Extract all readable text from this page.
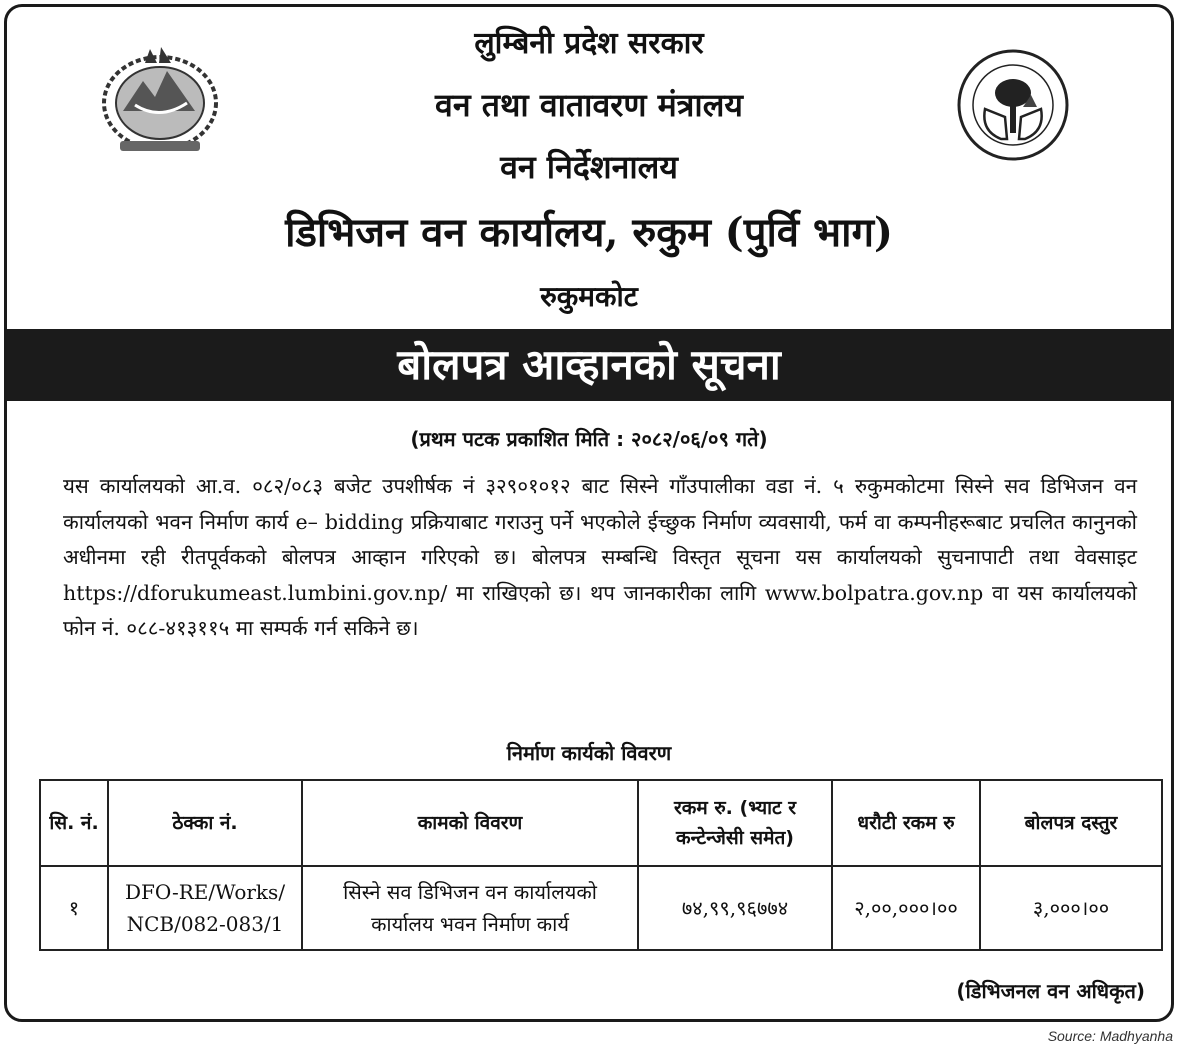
लुम्बिनी प्रदेश सरकार
वन तथा वातावरण मंत्रालय
वन निर्देशनालय
डिभिजन वन कार्यालय, रुकुम (पुर्वि भाग)
रुकुमकोट
बोलपत्र आव्हानको सूचना
(प्रथम पटक प्रकाशित मिति : २०८२/०६/०९ गते)
यस कार्यालयको आ.व. ०८२/०८३ बजेट उपशीर्षक नं ३२९०१०१२ बाट सिस्ने गाँउपालीका वडा नं. ५ रुकुमकोटमा सिस्ने सव डिभिजन वन कार्यालयको भवन निर्माण कार्य e– bidding प्रक्रियाबाट गराउनु पर्ने भएकोले ईच्छुक निर्माण व्यवसायी, फर्म वा कम्पनीहरूबाट प्रचलित कानुनको अधीनमा रही रीतपूर्वकको बोलपत्र आव्हान गरिएको छ। बोलपत्र सम्बन्धि विस्तृत सूचना यस कार्यालयको सुचनापाटी तथा वेवसाइट https://dforukumeast.lumbini.gov.np/ मा राखिएको छ। थप जानकारीका लागि www.bolpatra.gov.np वा यस कार्यालयको फोन नं. ०८८-४१३११५ मा सम्पर्क गर्न सकिने छ।
निर्माण कार्यको विवरण
सि. नं.	ठेक्का नं.	कामको विवरण	रकम रु. (भ्याट र कन्टेन्जेसी समेत)	धरौटी रकम रु	बोलपत्र दस्तुर
१	DFO-RE/Works/ NCB/082-083/1	सिस्ने सव डिभिजन वन कार्यालयको कार्यालय भवन निर्माण कार्य	७४,९९,९६७७४	२,००,०००।००	३,०००।००
(डिभिजनल वन अधिकृत)
Source: Madhyanha
